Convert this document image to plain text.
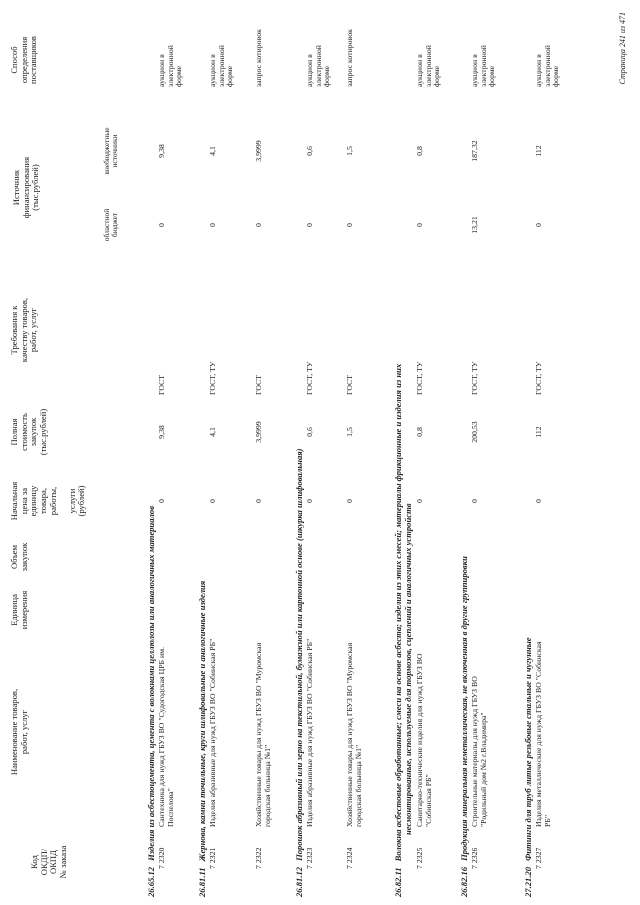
Код
ОКДП/
ОКПД
№ заказа
Наименование товаров,
работ, услуг
Единица
измерения
Объем
закупок
Начальная
цена за
единицу
товара,
работы,

услуги
(рублей)
Полная
стоимость
закупок
(тыс.рублей)
Требования к
качеству товаров,
работ, услуг
Источник
финансирования
(тыс.рублей)
областной
бюджет
внебюджетные
источники
Способ
определения
поставщиков
26.65.12Изделия из асбестоцемента, цемента с волокнами целлюлозы или аналогичных материалов 7 2320
Сантехника для нужд ГБУЗ ВО "Судогодская ЦРБ им. Поспелова"
0
9,38
ГОСТ
0
9,38
аукцион в электронной форме
26.81.11Жернова, камни точильные, круги шлифовальные и аналогичные изделия 7 2321
Изделия абразивные для нужд ГБУЗ ВО "Собинская РБ"
0
4,1
ГОСТ, ТУ
0
4,1
аукцион в электронной форме
7 2322
Хозяйственные товары для нужд ГБУЗ ВО "Муромская городская больница №1"
0
3,9999
ГОСТ
0
3,9999
запрос котировок
26.81.12Порошок абразивный или зерно на текстильной, бумажной или картонной основе (шкурка шлифовальная) 7 2323
Изделия абразивные для нужд ГБУЗ ВО "Собинская РБ"
0
0,6
ГОСТ, ТУ
0
0,6
аукцион в электронной форме
7 2324
Хозяйственные товары для нужд ГБУЗ ВО "Муромская городская больница №1"
0
1,5
ГОСТ
0
1,5
запрос котировок
26.82.11Волокна асбестовые обработанные; смеси на основе асбеста; изделия из этих смесей; материалы фрикционные и изделия из них несмонтированные, используемые для тормозов, сцеплений и аналогичных устройств
7 2325
Санитарно-технические изделия для нужд ГБУЗ ВО "Собинская РБ"
0
0,8
ГОСТ, ТУ
0
0,8
аукцион в электронной форме
26.82.16Продукция минеральная неметаллическая, не включенная в другие группировки 7 2326
Строительные материалы для нужд ГБУЗ ВО "Родильный дом №2 г.Владимира"
0
200,53
ГОСТ, ТУ
13,21
187,32
аукцион в электронной форме
27.21.20Фитинги для труб литые резьбовые стальные и чугунные 7 2327
Изделия металлические для нужд ГБУЗ ВО "Собинская РБ"
0
112
ГОСТ, ТУ
0
112
аукцион в электронной форме	Страница 241 из 471
